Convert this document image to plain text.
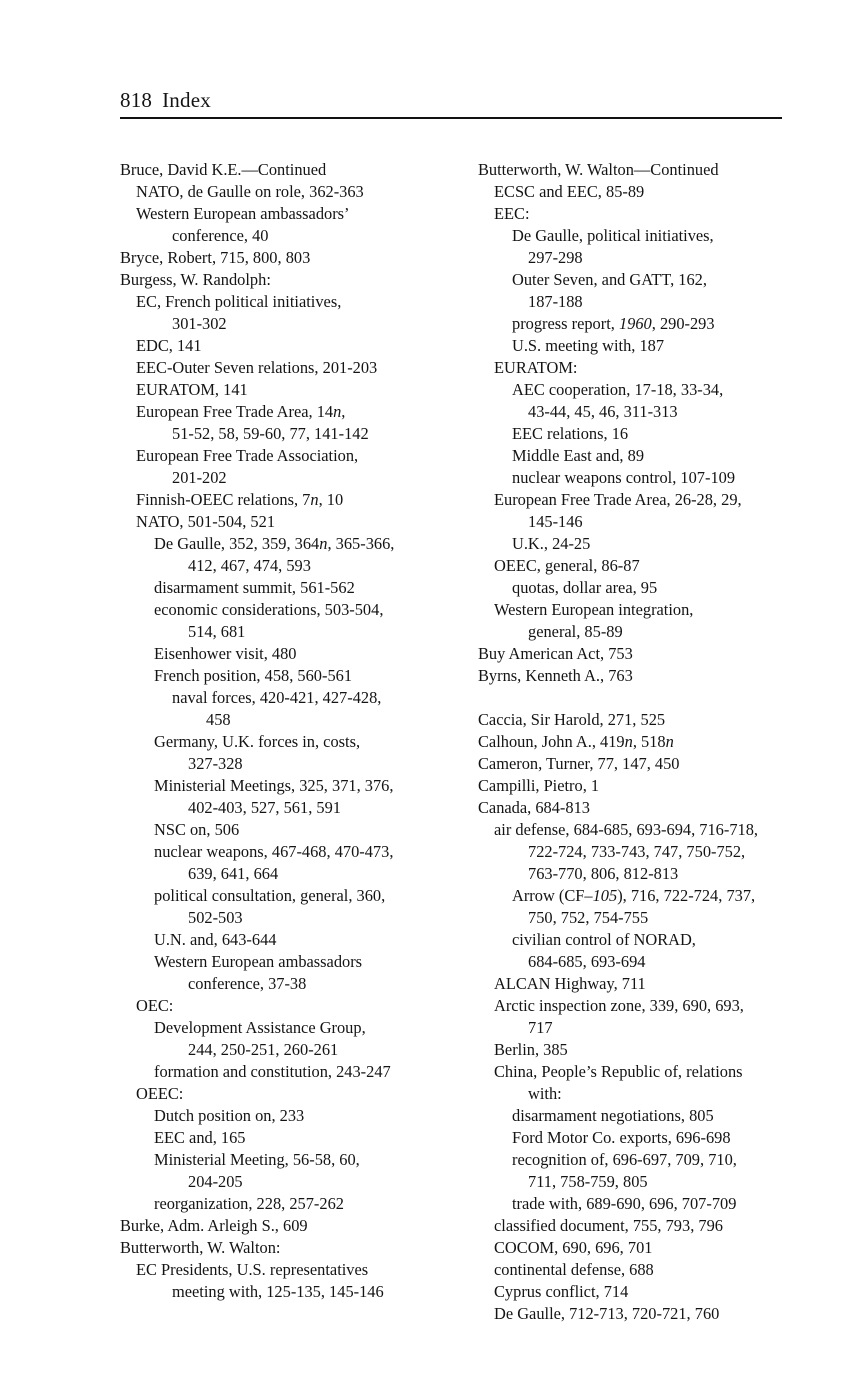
818 Index
Bruce, David K.E.—Continued
NATO, de Gaulle on role, 362-363
Western European ambassadors’
conference, 40
Bryce, Robert, 715, 800, 803
Burgess, W. Randolph:
EC, French political initiatives,
301-302
EDC, 141
EEC-Outer Seven relations, 201-203
EURATOM, 141
European Free Trade Area, 14n,
51-52, 58, 59-60, 77, 141-142
European Free Trade Association,
201-202
Finnish-OEEC relations, 7n, 10
NATO, 501-504, 521
De Gaulle, 352, 359, 364n, 365-366,
412, 467, 474, 593
disarmament summit, 561-562
economic considerations, 503-504,
514, 681
Eisenhower visit, 480
French position, 458, 560-561
naval forces, 420-421, 427-428,
458
Germany, U.K. forces in, costs,
327-328
Ministerial Meetings, 325, 371, 376,
402-403, 527, 561, 591
NSC on, 506
nuclear weapons, 467-468, 470-473,
639, 641, 664
political consultation, general, 360,
502-503
U.N. and, 643-644
Western European ambassadors
conference, 37-38
OEC:
Development Assistance Group,
244, 250-251, 260-261
formation and constitution, 243-247
OEEC:
Dutch position on, 233
EEC and, 165
Ministerial Meeting, 56-58, 60,
204-205
reorganization, 228, 257-262
Burke, Adm. Arleigh S., 609
Butterworth, W. Walton:
EC Presidents, U.S. representatives
meeting with, 125-135, 145-146
Butterworth, W. Walton—Continued
ECSC and EEC, 85-89
EEC:
De Gaulle, political initiatives,
297-298
Outer Seven, and GATT, 162,
187-188
progress report, 1960, 290-293
U.S. meeting with, 187
EURATOM:
AEC cooperation, 17-18, 33-34,
43-44, 45, 46, 311-313
EEC relations, 16
Middle East and, 89
nuclear weapons control, 107-109
European Free Trade Area, 26-28, 29,
145-146
U.K., 24-25
OEEC, general, 86-87
quotas, dollar area, 95
Western European integration,
general, 85-89
Buy American Act, 753
Byrns, Kenneth A., 763
Caccia, Sir Harold, 271, 525
Calhoun, John A., 419n, 518n
Cameron, Turner, 77, 147, 450
Campilli, Pietro, 1
Canada, 684-813
air defense, 684-685, 693-694, 716-718,
722-724, 733-743, 747, 750-752,
763-770, 806, 812-813
Arrow (CF–105), 716, 722-724, 737,
750, 752, 754-755
civilian control of NORAD,
684-685, 693-694
ALCAN Highway, 711
Arctic inspection zone, 339, 690, 693,
717
Berlin, 385
China, People’s Republic of, relations
with:
disarmament negotiations, 805
Ford Motor Co. exports, 696-698
recognition of, 696-697, 709, 710,
711, 758-759, 805
trade with, 689-690, 696, 707-709
classified document, 755, 793, 796
COCOM, 690, 696, 701
continental defense, 688
Cyprus conflict, 714
De Gaulle, 712-713, 720-721, 760
